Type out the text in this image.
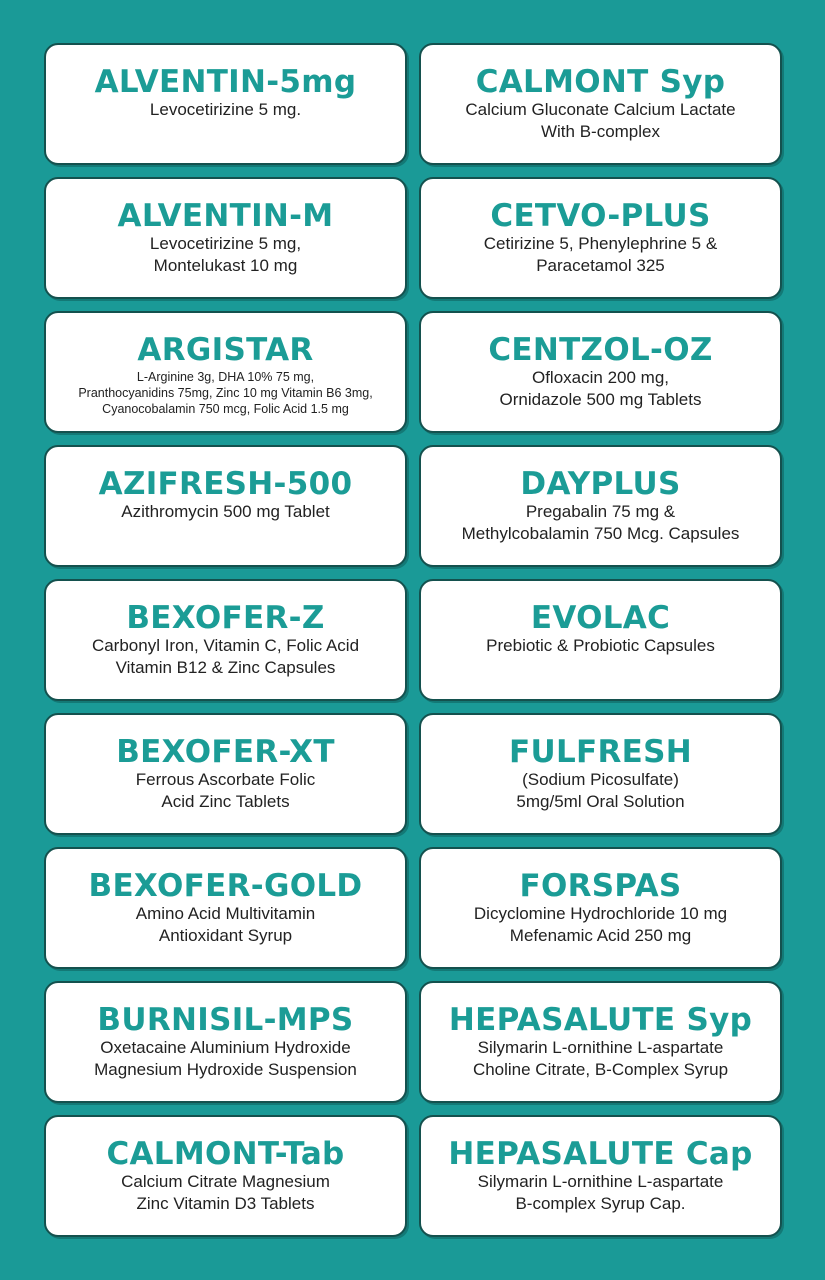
ALVENTIN-5mg
Levocetirizine 5 mg.
CALMONT Syp
Calcium Gluconate Calcium Lactate
With B-complex
ALVENTIN-M
Levocetirizine 5 mg,
Montelukast 10 mg
CETVO-PLUS
Cetirizine 5, Phenylephrine 5 &
Paracetamol 325
ARGISTAR
L-Arginine 3g, DHA 10% 75 mg,
Pranthocyanidins 75mg, Zinc 10 mg Vitamin B6 3mg,
Cyanocobalamin 750 mcg, Folic Acid 1.5 mg
CENTZOL-OZ
Ofloxacin 200 mg,
Ornidazole 500 mg Tablets
AZIFRESH-500
Azithromycin 500 mg Tablet
DAYPLUS
Pregabalin 75 mg &
Methylcobalamin 750 Mcg. Capsules
BEXOFER-Z
Carbonyl Iron, Vitamin C, Folic Acid
Vitamin B12 & Zinc Capsules
EVOLAC
Prebiotic & Probiotic Capsules
BEXOFER-XT
Ferrous Ascorbate Folic
Acid Zinc Tablets
FULFRESH
(Sodium Picosulfate)
5mg/5ml Oral Solution
BEXOFER-GOLD
Amino Acid Multivitamin
Antioxidant Syrup
FORSPAS
Dicyclomine Hydrochloride 10 mg
Mefenamic Acid 250 mg
BURNISIL-MPS
Oxetacaine Aluminium Hydroxide
Magnesium Hydroxide Suspension
HEPASALUTE Syp
Silymarin L-ornithine L-aspartate
Choline Citrate, B-Complex Syrup
CALMONT-Tab
Calcium Citrate Magnesium
Zinc Vitamin D3 Tablets
HEPASALUTE Cap
Silymarin L-ornithine L-aspartate
B-complex Syrup Cap.
